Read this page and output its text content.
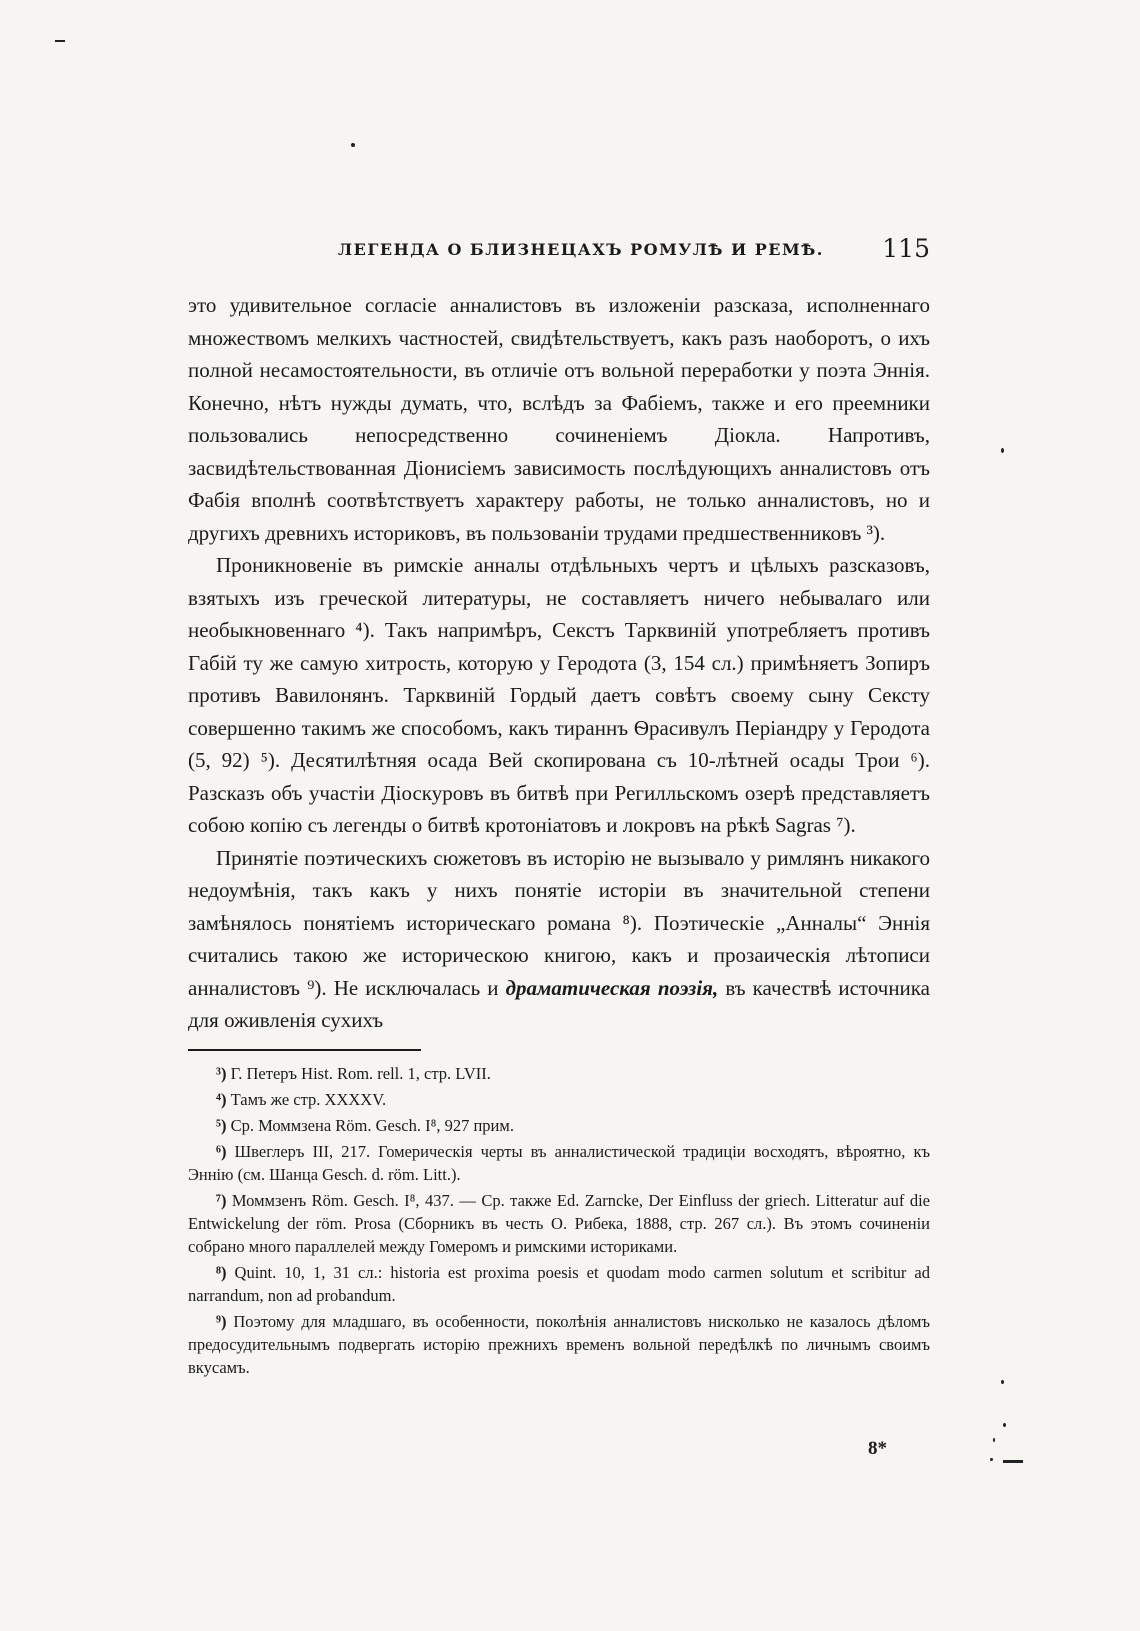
ЛЕГЕНДА О БЛИЗНЕЦАХЪ РОМУЛѢ И РЕМѢ. 115

это удивительное согласіе анналистовъ въ изложеніи разсказа, исполненнаго множествомъ мелкихъ частностей, свидѣтельствуетъ, какъ разъ наоборотъ, о ихъ полной несамостоятельности, въ отличіе отъ вольной переработки у поэта Эннія. Конечно, нѣтъ нужды думать, что, вслѣдъ за Фабіемъ, также и его преемники пользовались непосредственно сочиненіемъ Діокла. Напротивъ, засвидѣтельствованная Діонисіемъ зависимость послѣдующихъ анналистовъ отъ Фабія вполнѣ соотвѣтствуетъ характеру работы, не только анналистовъ, но и другихъ древнихъ историковъ, въ пользованіи трудами предшественниковъ ³).

Проникновеніе въ римскіе анналы отдѣльныхъ чертъ и цѣлыхъ разсказовъ, взятыхъ изъ греческой литературы, не составляетъ ничего небывалаго или необыкновеннаго ⁴). Такъ напримѣръ, Секстъ Тарквиній употребляетъ противъ Габій ту же самую хитрость, которую у Геродота (3, 154 сл.) примѣняетъ Зопиръ противъ Вавилонянъ. Тарквиній Гордый даетъ совѣтъ своему сыну Сексту совершенно такимъ же способомъ, какъ тираннъ Ѳрасивулъ Періандру у Геродота (5, 92) ⁵). Десятилѣтняя осада Вей скопирована съ 10-лѣтней осады Трои ⁶). Разсказъ объ участіи Діоскуровъ въ битвѣ при Регилльскомъ озерѣ представляетъ собою копію съ легенды о битвѣ кротоніатовъ и локровъ на рѣкѣ Sagras ⁷).

Принятіе поэтическихъ сюжетовъ въ исторію не вызывало у римлянъ никакого недоумѣнія, такъ какъ у нихъ понятіе исторіи въ значительной степени замѣнялось понятіемъ историческаго романа ⁸). Поэтическіе „Анналы“ Эннія считались такою же историческою книгою, какъ и прозаическія лѣтописи анналистовъ ⁹). Не исключалась и драматическая поэзія, въ качествѣ источника для оживленія сухихъ

³) Г. Петеръ Hist. Rom. rell. 1, стр. LVII.

⁴) Тамъ же стр. XXXXV.

⁵) Ср. Моммзена Röm. Gesch. I⁸, 927 прим.

⁶) Швеглеръ III, 217. Гомерическія черты въ анналистической традиціи восходятъ, вѣроятно, къ Эннію (см. Шанца Gesch. d. röm. Litt.).

⁷) Моммзенъ Röm. Gesch. I⁸, 437. — Ср. также Ed. Zarncke, Der Einfluss der griech. Litteratur auf die Entwickelung der röm. Prosa (Сборникъ въ честь О. Рибека, 1888, стр. 267 сл.). Въ этомъ сочиненіи собрано много параллелей между Гомеромъ и римскими историками.

⁸) Quint. 10, 1, 31 сл.: historia est proxima poesis et quodam modo carmen solutum et scribitur ad narrandum, non ad probandum.

⁹) Поэтому для младшаго, въ особенности, поколѣнія анналистовъ нисколько не казалось дѣломъ предосудительнымъ подвергать исторію прежнихъ временъ вольной передѣлкѣ по личнымъ своимъ вкусамъ.

8*
